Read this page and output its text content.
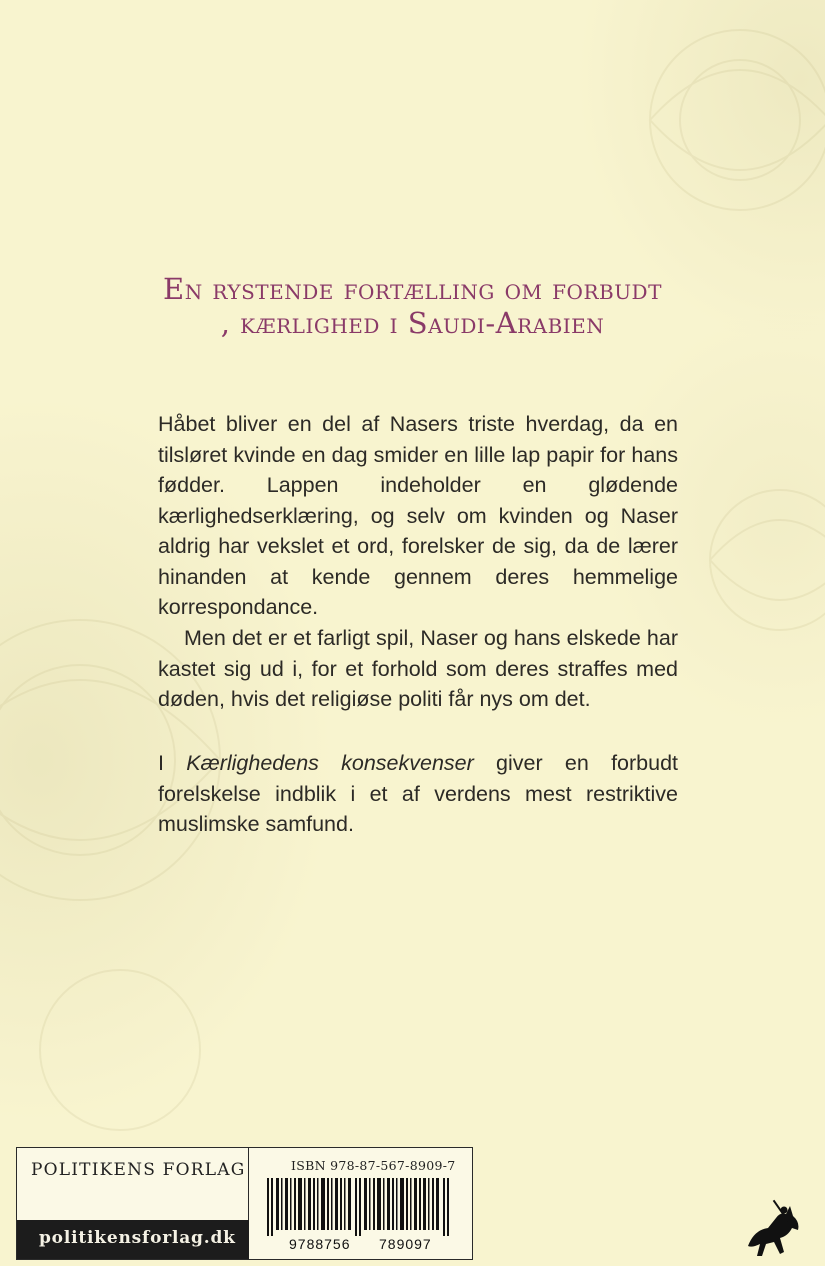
En rystende fortælling om forbudt

, kærlighed i Saudi-Arabien

Håbet bliver en del af Nasers triste hverdag, da en tilsløret kvinde en dag smider en lille lap papir for hans fødder. Lappen indeholder en glødende kærlighedserklæring, og selv om kvinden og Naser aldrig har vekslet et ord, forelsker de sig, da de lærer hinanden at kende gennem deres hemmelige korrespondance.

Men det er et farligt spil, Naser og hans elskede har kastet sig ud i, for et forhold som deres straffes med døden, hvis det religiøse politi får nys om det.

I Kærlighedens konsekvenser giver en forbudt forelskelse indblik i et af verdens mest restriktive muslimske samfund.

POLITIKENS FORLAG
politikensforlag.dk
ISBN 978-87-567-8909-7
9788756 789097
